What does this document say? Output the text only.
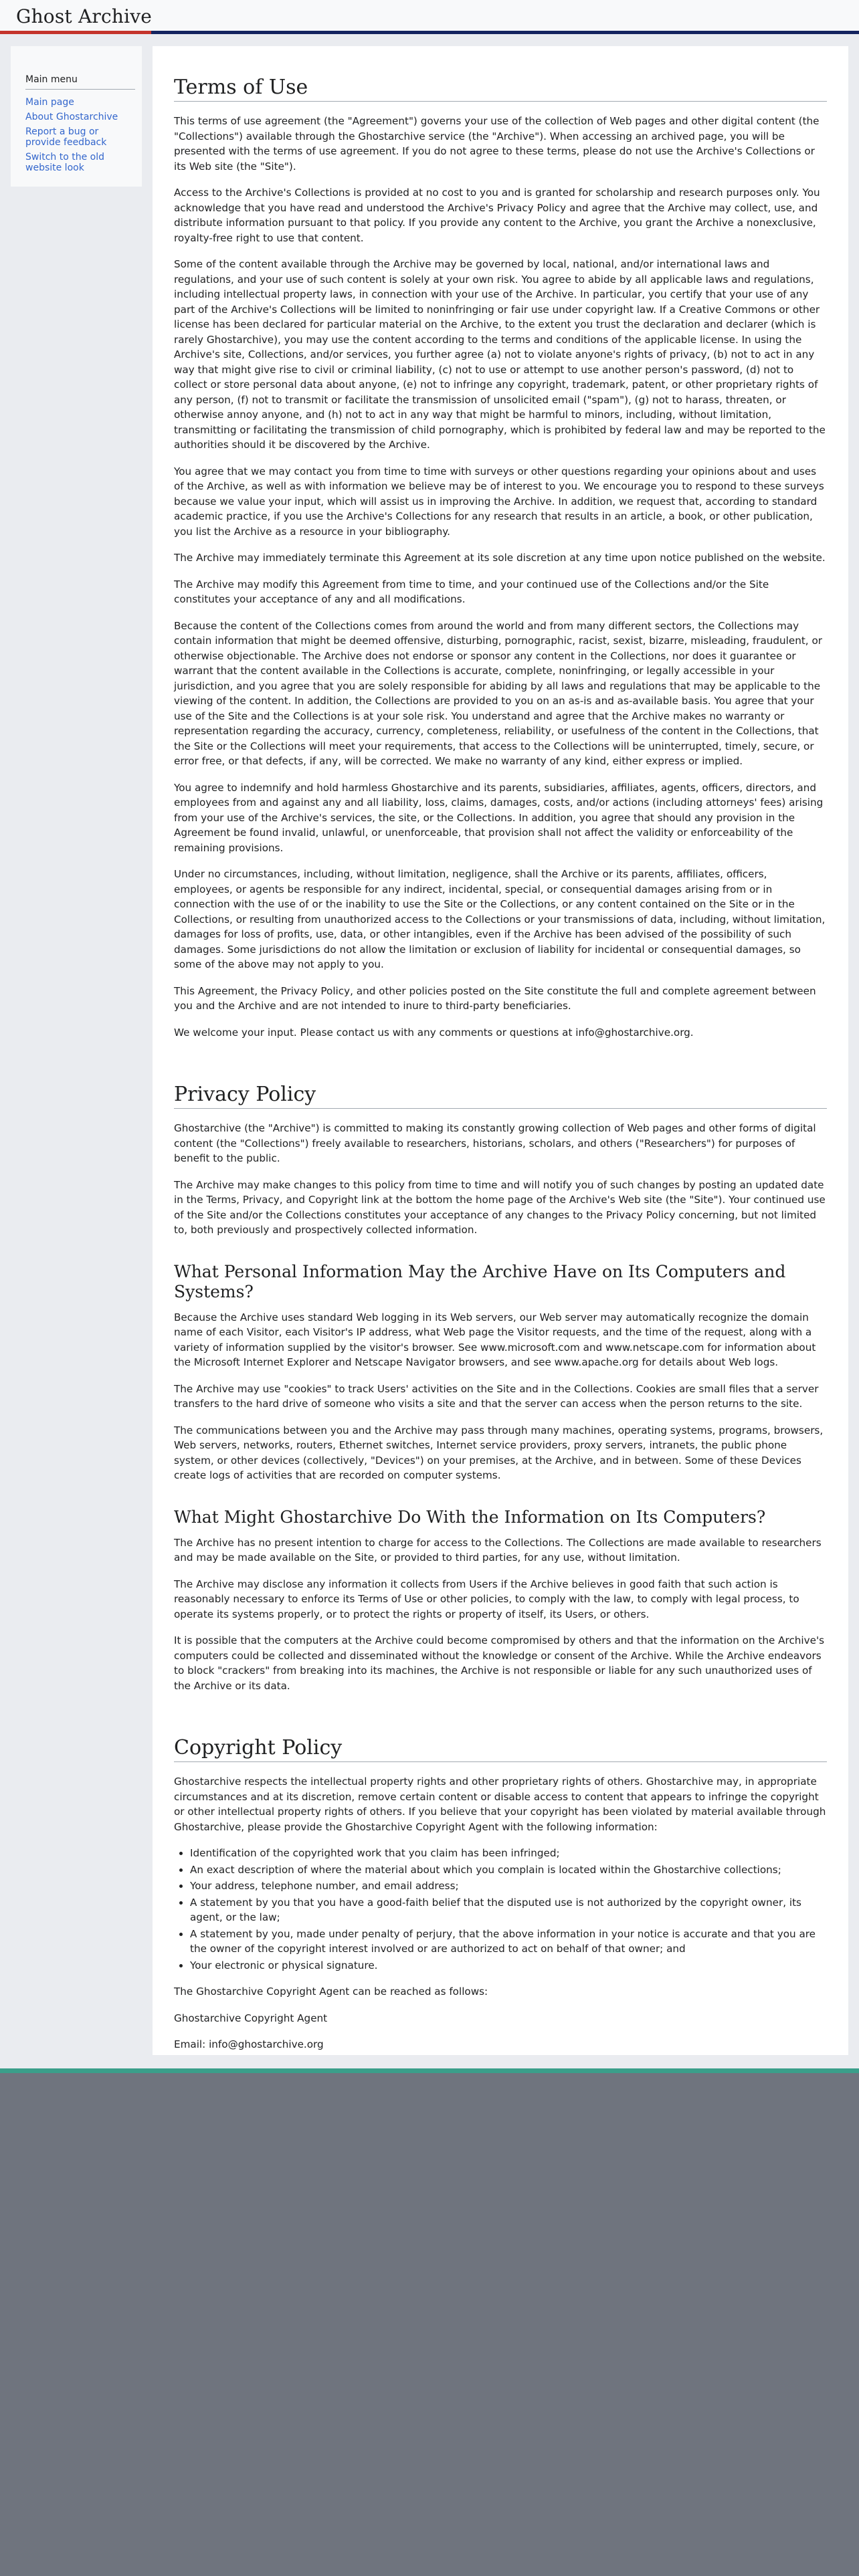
Ghost Archive
Main menu
Main page
About Ghostarchive
Report a bug or provide feedback
Switch to the old website look
Terms of Use

This terms of use agreement (the "Agreement") governs your use of the collection of Web pages and other digital content (the "Collections") available through the Ghostarchive service (the "Archive"). When accessing an archived page, you will be presented with the terms of use agreement. If you do not agree to these terms, please do not use the Archive's Collections or its Web site (the "Site").

Access to the Archive's Collections is provided at no cost to you and is granted for scholarship and research purposes only. You acknowledge that you have read and understood the Archive's Privacy Policy and agree that the Archive may collect, use, and distribute information pursuant to that policy. If you provide any content to the Archive, you grant the Archive a nonexclusive, royalty-free right to use that content.

Some of the content available through the Archive may be governed by local, national, and/or international laws and regulations, and your use of such content is solely at your own risk. You agree to abide by all applicable laws and regulations, including intellectual property laws, in connection with your use of the Archive. In particular, you certify that your use of any part of the Archive's Collections will be limited to noninfringing or fair use under copyright law. If a Creative Commons or other license has been declared for particular material on the Archive, to the extent you trust the declaration and declarer (which is rarely Ghostarchive), you may use the content according to the terms and conditions of the applicable license. In using the Archive's site, Collections, and/or services, you further agree (a) not to violate anyone's rights of privacy, (b) not to act in any way that might give rise to civil or criminal liability, (c) not to use or attempt to use another person's password, (d) not to collect or store personal data about anyone, (e) not to infringe any copyright, trademark, patent, or other proprietary rights of any person, (f) not to transmit or facilitate the transmission of unsolicited email ("spam"), (g) not to harass, threaten, or otherwise annoy anyone, and (h) not to act in any way that might be harmful to minors, including, without limitation, transmitting or facilitating the transmission of child pornography, which is prohibited by federal law and may be reported to the authorities should it be discovered by the Archive.

You agree that we may contact you from time to time with surveys or other questions regarding your opinions about and uses of the Archive, as well as with information we believe may be of interest to you. We encourage you to respond to these surveys because we value your input, which will assist us in improving the Archive. In addition, we request that, according to standard academic practice, if you use the Archive's Collections for any research that results in an article, a book, or other publication, you list the Archive as a resource in your bibliography.

The Archive may immediately terminate this Agreement at its sole discretion at any time upon notice published on the website.

The Archive may modify this Agreement from time to time, and your continued use of the Collections and/or the Site constitutes your acceptance of any and all modifications.

Because the content of the Collections comes from around the world and from many different sectors, the Collections may contain information that might be deemed offensive, disturbing, pornographic, racist, sexist, bizarre, misleading, fraudulent, or otherwise objectionable. The Archive does not endorse or sponsor any content in the Collections, nor does it guarantee or warrant that the content available in the Collections is accurate, complete, noninfringing, or legally accessible in your jurisdiction, and you agree that you are solely responsible for abiding by all laws and regulations that may be applicable to the viewing of the content. In addition, the Collections are provided to you on an as-is and as-available basis. You agree that your use of the Site and the Collections is at your sole risk. You understand and agree that the Archive makes no warranty or representation regarding the accuracy, currency, completeness, reliability, or usefulness of the content in the Collections, that the Site or the Collections will meet your requirements, that access to the Collections will be uninterrupted, timely, secure, or error free, or that defects, if any, will be corrected. We make no warranty of any kind, either express or implied.

You agree to indemnify and hold harmless Ghostarchive and its parents, subsidiaries, affiliates, agents, officers, directors, and employees from and against any and all liability, loss, claims, damages, costs, and/or actions (including attorneys' fees) arising from your use of the Archive's services, the site, or the Collections. In addition, you agree that should any provision in the Agreement be found invalid, unlawful, or unenforceable, that provision shall not affect the validity or enforceability of the remaining provisions.

Under no circumstances, including, without limitation, negligence, shall the Archive or its parents, affiliates, officers, employees, or agents be responsible for any indirect, incidental, special, or consequential damages arising from or in connection with the use of or the inability to use the Site or the Collections, or any content contained on the Site or in the Collections, or resulting from unauthorized access to the Collections or your transmissions of data, including, without limitation, damages for loss of profits, use, data, or other intangibles, even if the Archive has been advised of the possibility of such damages. Some jurisdictions do not allow the limitation or exclusion of liability for incidental or consequential damages, so some of the above may not apply to you.

This Agreement, the Privacy Policy, and other policies posted on the Site constitute the full and complete agreement between you and the Archive and are not intended to inure to third-party beneficiaries.

We welcome your input. Please contact us with any comments or questions at info@ghostarchive.org.

Privacy Policy

Ghostarchive (the "Archive") is committed to making its constantly growing collection of Web pages and other forms of digital content (the "Collections") freely available to researchers, historians, scholars, and others ("Researchers") for purposes of benefit to the public.

The Archive may make changes to this policy from time to time and will notify you of such changes by posting an updated date in the Terms, Privacy, and Copyright link at the bottom the home page of the Archive's Web site (the "Site"). Your continued use of the Site and/or the Collections constitutes your acceptance of any changes to the Privacy Policy concerning, but not limited to, both previously and prospectively collected information.

What Personal Information May the Archive Have on Its Computers and Systems?

Because the Archive uses standard Web logging in its Web servers, our Web server may automatically recognize the domain name of each Visitor, each Visitor's IP address, what Web page the Visitor requests, and the time of the request, along with a variety of information supplied by the visitor's browser. See www.microsoft.com and www.netscape.com for information about the Microsoft Internet Explorer and Netscape Navigator browsers, and see www.apache.org for details about Web logs.

The Archive may use "cookies" to track Users' activities on the Site and in the Collections. Cookies are small files that a server transfers to the hard drive of someone who visits a site and that the server can access when the person returns to the site.

The communications between you and the Archive may pass through many machines, operating systems, programs, browsers, Web servers, networks, routers, Ethernet switches, Internet service providers, proxy servers, intranets, the public phone system, or other devices (collectively, "Devices") on your premises, at the Archive, and in between. Some of these Devices create logs of activities that are recorded on computer systems.

What Might Ghostarchive Do With the Information on Its Computers?

The Archive has no present intention to charge for access to the Collections. The Collections are made available to researchers and may be made available on the Site, or provided to third parties, for any use, without limitation.

The Archive may disclose any information it collects from Users if the Archive believes in good faith that such action is reasonably necessary to enforce its Terms of Use or other policies, to comply with the law, to comply with legal process, to operate its systems properly, or to protect the rights or property of itself, its Users, or others.

It is possible that the computers at the Archive could become compromised by others and that the information on the Archive's computers could be collected and disseminated without the knowledge or consent of the Archive. While the Archive endeavors to block "crackers" from breaking into its machines, the Archive is not responsible or liable for any such unauthorized uses of the Archive or its data.

Copyright Policy

Ghostarchive respects the intellectual property rights and other proprietary rights of others. Ghostarchive may, in appropriate circumstances and at its discretion, remove certain content or disable access to content that appears to infringe the copyright or other intellectual property rights of others. If you believe that your copyright has been violated by material available through Ghostarchive, please provide the Ghostarchive Copyright Agent with the following information:

• Identification of the copyrighted work that you claim has been infringed;
• An exact description of where the material about which you complain is located within the Ghostarchive collections;
• Your address, telephone number, and email address;
• A statement by you that you have a good-faith belief that the disputed use is not authorized by the copyright owner, its agent, or the law;
• A statement by you, made under penalty of perjury, that the above information in your notice is accurate and that you are the owner of the copyright interest involved or are authorized to act on behalf of that owner; and
• Your electronic or physical signature.

The Ghostarchive Copyright Agent can be reached as follows:

Ghostarchive Copyright Agent

Email: info@ghostarchive.org
